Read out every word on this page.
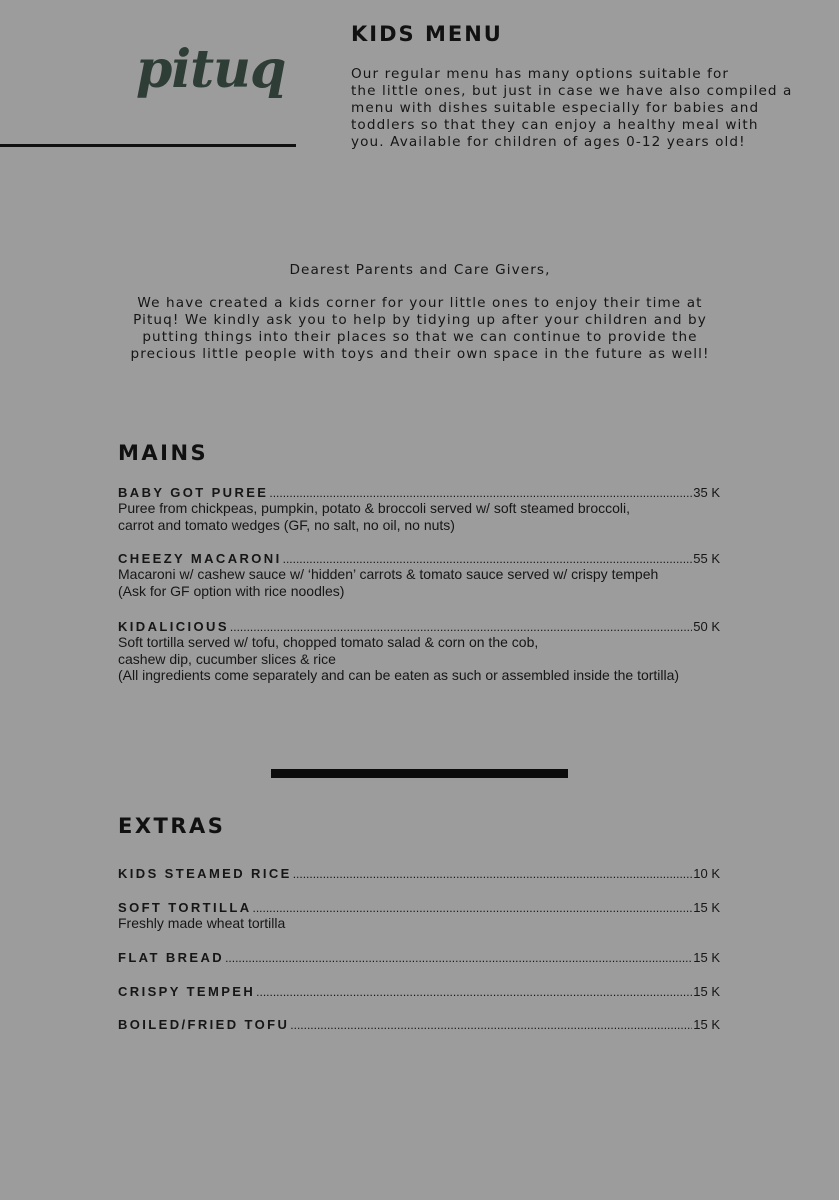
pituq
KIDS MENU
Our regular menu has many options suitable for
the little ones, but just in case we have also compiled a
menu with dishes suitable especially for babies and
toddlers so that they can enjoy a healthy meal with
you. Available for children of ages 0-12 years old!

Dearest Parents and Care Givers,

We have created a kids corner for your little ones to enjoy their time at
Pituq! We kindly ask you to help by tidying up after your children and by
putting things into their places so that we can continue to provide the
precious little people with toys and their own space in the future as well!

MAINS
BABY GOT PUREE .....	35 K
Puree from chickpeas, pumpkin, potato & broccoli served w/ soft steamed broccoli,
carrot and tomato wedges (GF, no salt, no oil, no nuts)
CHEEZY MACARONI .....	55 K
Macaroni w/ cashew sauce w/ ‘hidden’ carrots & tomato sauce served w/ crispy tempeh
(Ask for GF option with rice noodles)
KIDALICIOUS .....	50 K
Soft tortilla served w/ tofu, chopped tomato salad & corn on the cob,
cashew dip, cucumber slices & rice
(All ingredients come separately and can be eaten as such or assembled inside the tortilla)
EXTRAS
KIDS STEAMED RICE .....	10 K
SOFT TORTILLA .....	15 K
Freshly made wheat tortilla
FLAT BREAD .....	15 K
CRISPY TEMPEH .....	15 K
BOILED/FRIED TOFU .....	15 K
